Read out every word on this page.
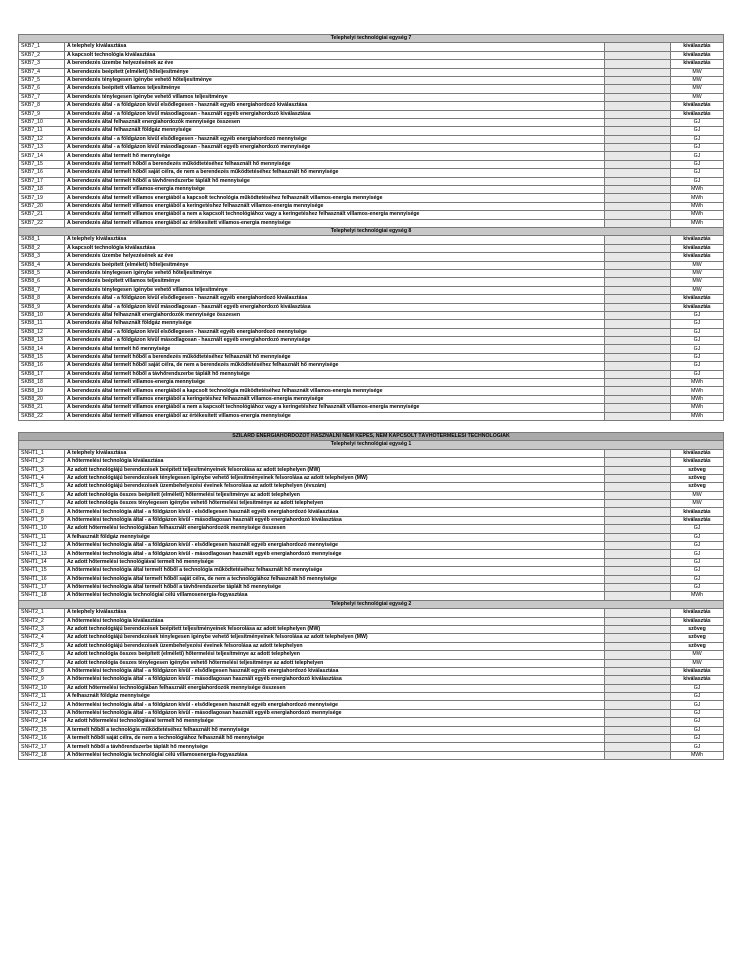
Telephelyi technológiai egység 7			
SKB7_1	A telephely kiválasztása		kiválasztás
SKB7_2	A kapcsolt technológia kiválasztása		kiválasztás
SKB7_3	A berendezés üzembe helyezésének az éve		kiválasztás
SKB7_4	A berendezés beépített (elméleti) hőteljesítménye		MW
SKB7_5	A berendezés ténylegesen igénybe vehető hőteljesítménye		MW
SKB7_6	A berendezés beépített villamos teljesítménye		MW
SKB7_7	A berendezés ténylegesen igénybe vehető villamos teljesítménye		MW
SKB7_8	A berendezés által - a földgázon kívül elsődlegesen - használt egyéb energiahordozó kiválasztása		kiválasztás
SKB7_9	A berendezés által - a földgázon kívül másodlagosan - használt egyéb energiahordozó kiválasztása		kiválasztás
SKB7_10	A berendezés által felhasznált energiahordozók mennyisége összesen		GJ
SKB7_11	A berendezés által felhasznált földgáz mennyisége		GJ
SKB7_12	A berendezés által - a földgázon kívül elsődlegesen - használt egyéb energiahordozó mennyisége		GJ
SKB7_13	A berendezés által - a földgázon kívül másodlagosan - használt egyéb energiahordozó mennyisége		GJ
SKB7_14	A berendezés által termelt hő mennyisége		GJ
SKB7_15	A berendezés által termelt hőből a berendezés működtetéséhez felhasznált hő mennyisége		GJ
SKB7_16	A berendezés által termelt hőből saját célra, de nem a berendezés működtetéséhez felhasznált hő mennyisége		GJ
SKB7_17	A berendezés által termelt hőből a távhőrendszerbe táplált hő mennyisége		GJ
SKB7_18	A berendezés által termelt villamos-energia mennyisége		MWh
SKB7_19	A berendezés által termelt villamos energiából a kapcsolt technológia működtetéséhez felhasznált villamos-energia mennyisége		MWh
SKB7_20	A berendezés által termelt villamos energiából a keringetéshez felhasznált villamos-energia mennyisége		MWh
SKB7_21	A berendezés által termelt villamos energiából a nem a kapcsolt technológiához vagy a keringetéshez felhasznált villamos-energia mennyisége		MWh
SKB7_22	A berendezés által termelt villamos energiából az értékesített villamos-energia mennyisége		MWh
Telephelyi technológiai egység 8			
SKB8_1	A telephely kiválasztása		kiválasztás
SKB8_2	A kapcsolt technológia kiválasztása		kiválasztás
SKB8_3	A berendezés üzembe helyezésének az éve		kiválasztás
SKB8_4	A berendezés beépített (elméleti) hőteljesítménye		MW
SKB8_5	A berendezés ténylegesen igénybe vehető hőteljesítménye		MW
SKB8_6	A berendezés beépített villamos teljesítménye		MW
SKB8_7	A berendezés ténylegesen igénybe vehető villamos teljesítménye		MW
SKB8_8	A berendezés által - a földgázon kívül elsődlegesen - használt egyéb energiahordozó kiválasztása		kiválasztás
SKB8_9	A berendezés által - a földgázon kívül másodlagosan - használt egyéb energiahordozó kiválasztása		kiválasztás
SKB8_10	A berendezés által felhasznált energiahordozók mennyisége összesen		GJ
SKB8_11	A berendezés által felhasznált földgáz mennyisége		GJ
SKB8_12	A berendezés által - a földgázon kívül elsődlegesen - használt egyéb energiahordozó mennyisége		GJ
SKB8_13	A berendezés által - a földgázon kívül másodlagosan - használt egyéb energiahordozó mennyisége		GJ
SKB8_14	A berendezés által termelt hő mennyisége		GJ
SKB8_15	A berendezés által termelt hőből a berendezés működtetéséhez felhasznált hő mennyisége		GJ
SKB8_16	A berendezés által termelt hőből saját célra, de nem a berendezés működtetéséhez felhasznált hő mennyisége		GJ
SKB8_17	A berendezés által termelt hőből a távhőrendszerbe táplált hő mennyisége		GJ
SKB8_18	A berendezés által termelt villamos-energia mennyisége		MWh
SKB8_19	A berendezés által termelt villamos energiából a kapcsolt technológia működtetéséhez felhasznált villamos-energia mennyisége		MWh
SKB8_20	A berendezés által termelt villamos energiából a keringetéshez felhasznált villamos-energia mennyisége		MWh
SKB8_21	A berendezés által termelt villamos energiából a nem a kapcsolt technológiához vagy a keringetéshez felhasznált villamos-energia mennyisége		MWh
SKB8_22	A berendezés által termelt villamos energiából az értékesített villamos-energia mennyisége		MWh
SZILÁRD ENERGIAHORDOZÓT HASZNÁLNI NEM KÉPES, NEM KAPCSOLT TÁVHŐTERMELÉSI TECHNOLÓGIÁK			
Telephelyi technológiai egység 1			
SNHT1_1	A telephely kiválasztása		kiválasztás
SNHT1_2	A hőtermelési technológia kiválasztása		kiválasztás
SNHT1_3	Az adott technológiájú berendezések beépített teljesítményeinek felsorolása az adott telephelyen (MW)		szöveg
SNHT1_4	Az adott technológiájú berendezések ténylegesen igénybe vehető teljesítményeinek felsorolása az adott telephelyen (MW)		szöveg
SNHT1_5	Az adott technológiájú berendezések üzembehelyezési éveinek felsorolása az adott telephelyen (évszám)		szöveg
SNHT1_6	Az adott technológia összes beépített (elméleti) hőtermelési teljesítménye az adott telephelyen		MW
SNHT1_7	Az adott technológia összes ténylegesen igénybe vehető hőtermelési teljesítménye az adott telephelyen		MW
SNHT1_8	A hőtermelési technológia által - a földgázon kívül - elsődlegesen használt egyéb energiahordozó kiválasztása		kiválasztás
SNHT1_9	A hőtermelési technológia által - a földgázon kívül - másodlagosan használt egyéb energiahordozó kiválasztása		kiválasztás
SNHT1_10	Az adott hőtermelési technológiában felhasznált energiahordozók mennyisége összesen		GJ
SNHT1_11	A felhasznált földgáz mennyisége		GJ
SNHT1_12	A hőtermelési technológia által - a földgázon kívül - elsődlegesen használt egyéb energiahordozó mennyisége		GJ
SNHT1_13	A hőtermelési technológia által - a földgázon kívül - másodlagosan használt egyéb energiahordozó mennyisége		GJ
SNHT1_14	Az adott hőtermelési technológiával termelt hő mennyisége		GJ
SNHT1_15	A hőtermelési technológia által termelt hőből a technológia működtetéséhez felhasznált hő mennyisége		GJ
SNHT1_16	A hőtermelési technológia által termelt hőből saját célra, de nem a technológiához felhasznált hő mennyisége		GJ
SNHT1_17	A hőtermelési technológia által termelt hőből a távhőrendszerbe táplált hő mennyisége		GJ
SNHT1_18	A hőtermelési technológia technológiai célú villamosenergia-fogyasztása		MWh
Telephelyi technológiai egység 2			
SNHT2_1	A telephely kiválasztása		kiválasztás
SNHT2_2	A hőtermelési technológia kiválasztása		kiválasztás
SNHT2_3	Az adott technológiájú berendezések beépített teljesítményeinek felsorolása az adott telephelyen (MW)		szöveg
SNHT2_4	Az adott technológiájú berendezések ténylegesen igénybe vehető teljesítményeinek felsorolása az adott telephelyen (MW)		szöveg
SNHT2_5	Az adott technológiájú berendezések üzembehelyezési éveinek felsorolása az adott telephelyen		szöveg
SNHT2_6	Az adott technológia összes beépített (elméleti) hőtermelési teljesítménye az adott telephelyen		MW
SNHT2_7	Az adott technológia összes ténylegesen igénybe vehető hőtermelési teljesítménye az adott telephelyen		MW
SNHT2_8	A hőtermelési technológia által - a földgázon kívül - elsődlegesen használt egyéb energiahordozó kiválasztása		kiválasztás
SNHT2_9	A hőtermelési technológia által - a földgázon kívül - másodlagosan használt egyéb energiahordozó kiválasztása		kiválasztás
SNHT2_10	Az adott hőtermelési technológiában felhasznált energiahordozók mennyisége összesen		GJ
SNHT2_11	A felhasznált földgáz mennyisége		GJ
SNHT2_12	A hőtermelési technológia által - a földgázon kívül - elsődlegesen használt egyéb energiahordozó mennyisége		GJ
SNHT2_13	A hőtermelési technológia által - a földgázon kívül - másodlagosan használt egyéb energiahordozó mennyisége		GJ
SNHT2_14	Az adott hőtermelési technológiával termelt hő mennyisége		GJ
SNHT2_15	A termelt hőből a technológia működtetéséhez felhasznált hő mennyisége		GJ
SNHT2_16	A termelt hőből saját célra, de nem a technológiához felhasznált hő mennyisége		GJ
SNHT2_17	A termelt hőből a távhőrendszerbe táplált hő mennyisége		GJ
SNHT2_18	A hőtermelési technológia technológiai célú villamosenergia-fogyasztása		MWh
